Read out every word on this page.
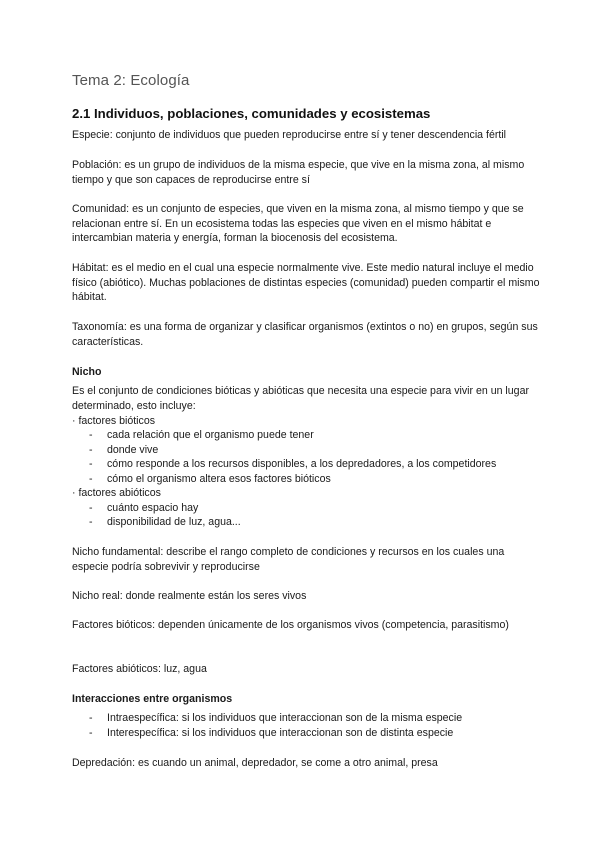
Tema 2: Ecología
2.1 Individuos, poblaciones, comunidades y ecosistemas
Especie: conjunto de individuos que pueden reproducirse entre sí y tener descendencia fértil
Población: es un grupo de individuos de la misma especie, que vive en la misma zona, al mismo tiempo y que son capaces de reproducirse entre sí
Comunidad: es un conjunto de especies, que viven en la misma zona, al mismo tiempo y que se relacionan entre sí. En un ecosistema todas las especies que viven en el mismo hábitat e intercambian materia y energía, forman la biocenosis del ecosistema.
Hábitat: es el medio en el cual una especie normalmente vive. Este medio natural incluye el medio físico (abiótico). Muchas poblaciones de distintas especies (comunidad) pueden compartir el mismo hábitat.
Taxonomía: es una forma de organizar y clasificar organismos (extintos o no) en grupos, según sus características.
Nicho
Es el conjunto de condiciones bióticas y abióticas que necesita una especie para vivir en un lugar determinado, esto incluye:
· factores bióticos
- cada relación que el organismo puede tener
- donde vive
- cómo responde a los recursos disponibles, a los depredadores, a los competidores
- cómo el organismo altera esos factores bióticos
· factores abióticos
- cuánto espacio hay
- disponibilidad de luz, agua...
Nicho fundamental: describe el rango completo de condiciones y recursos en los cuales una especie podría sobrevivir y reproducirse
Nicho real: donde realmente están los seres vivos
Factores bióticos: dependen únicamente de los organismos vivos (competencia, parasitismo)
Factores abióticos: luz, agua
Interacciones entre organismos
- Intraespecífica: si los individuos que interaccionan son de la misma especie
- Interespecífica: si los individuos que interaccionan son de distinta especie
Depredación: es cuando un animal, depredador, se come a otro animal, presa
